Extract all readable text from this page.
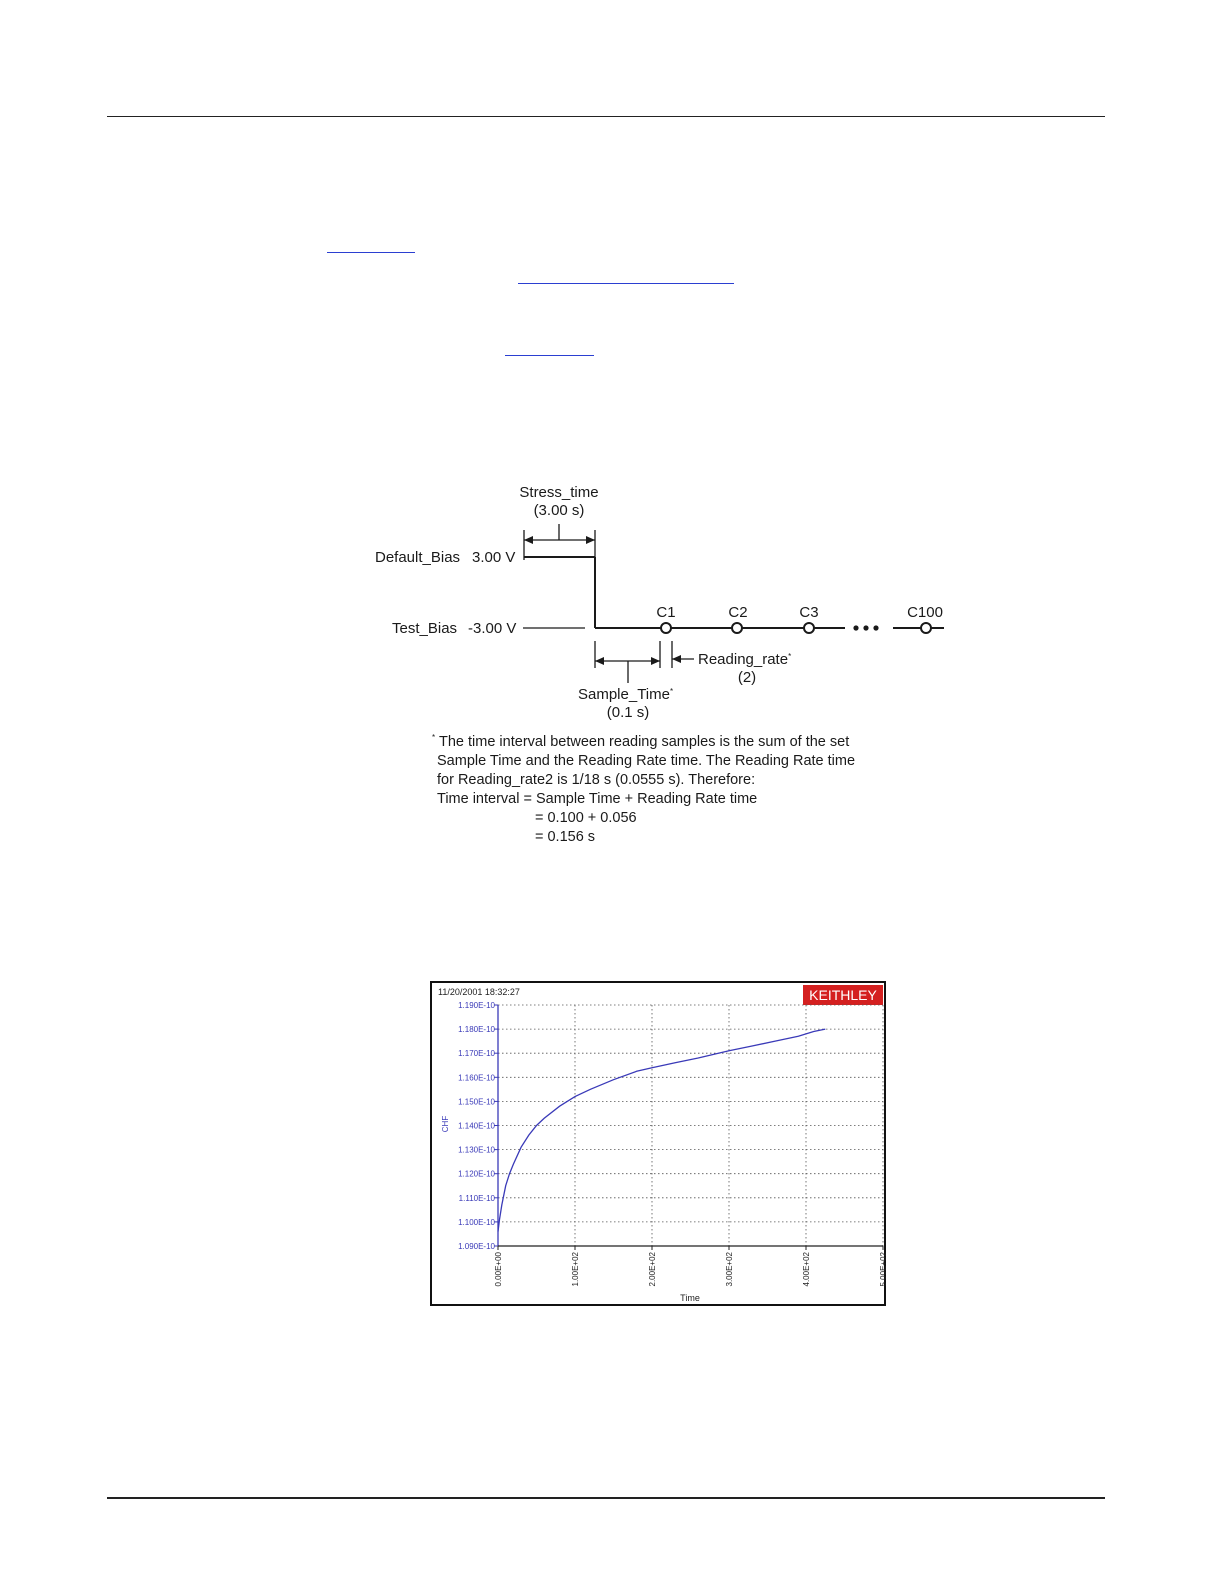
Stress_time
(3.00 s)
Default_Bias 3.00 V
Test_Bias -3.00 V
C1	C2	C3	C100
Reading_rate*
(2)
Sample_Time*
(0.1 s)
* The time interval between reading samples is the sum of the set
Sample Time and the Reading Rate time. The Reading Rate time
for Reading_rate2 is 1/18 s (0.0555 s). Therefore:
Time interval = Sample Time + Reading Rate time
= 0.100 + 0.056
= 0.156 s
11/20/2001 18:32:27	KEITHLEY
1.090E-10
1.100E-10
1.110E-10
1.120E-10
1.130E-10
1.140E-10
1.150E-10
1.160E-10
1.170E-10
1.180E-10
1.190E-10
0.00E+00	1.00E+02	2.00E+02	3.00E+02	4.00E+02	5.00E+02
CHF
Time
